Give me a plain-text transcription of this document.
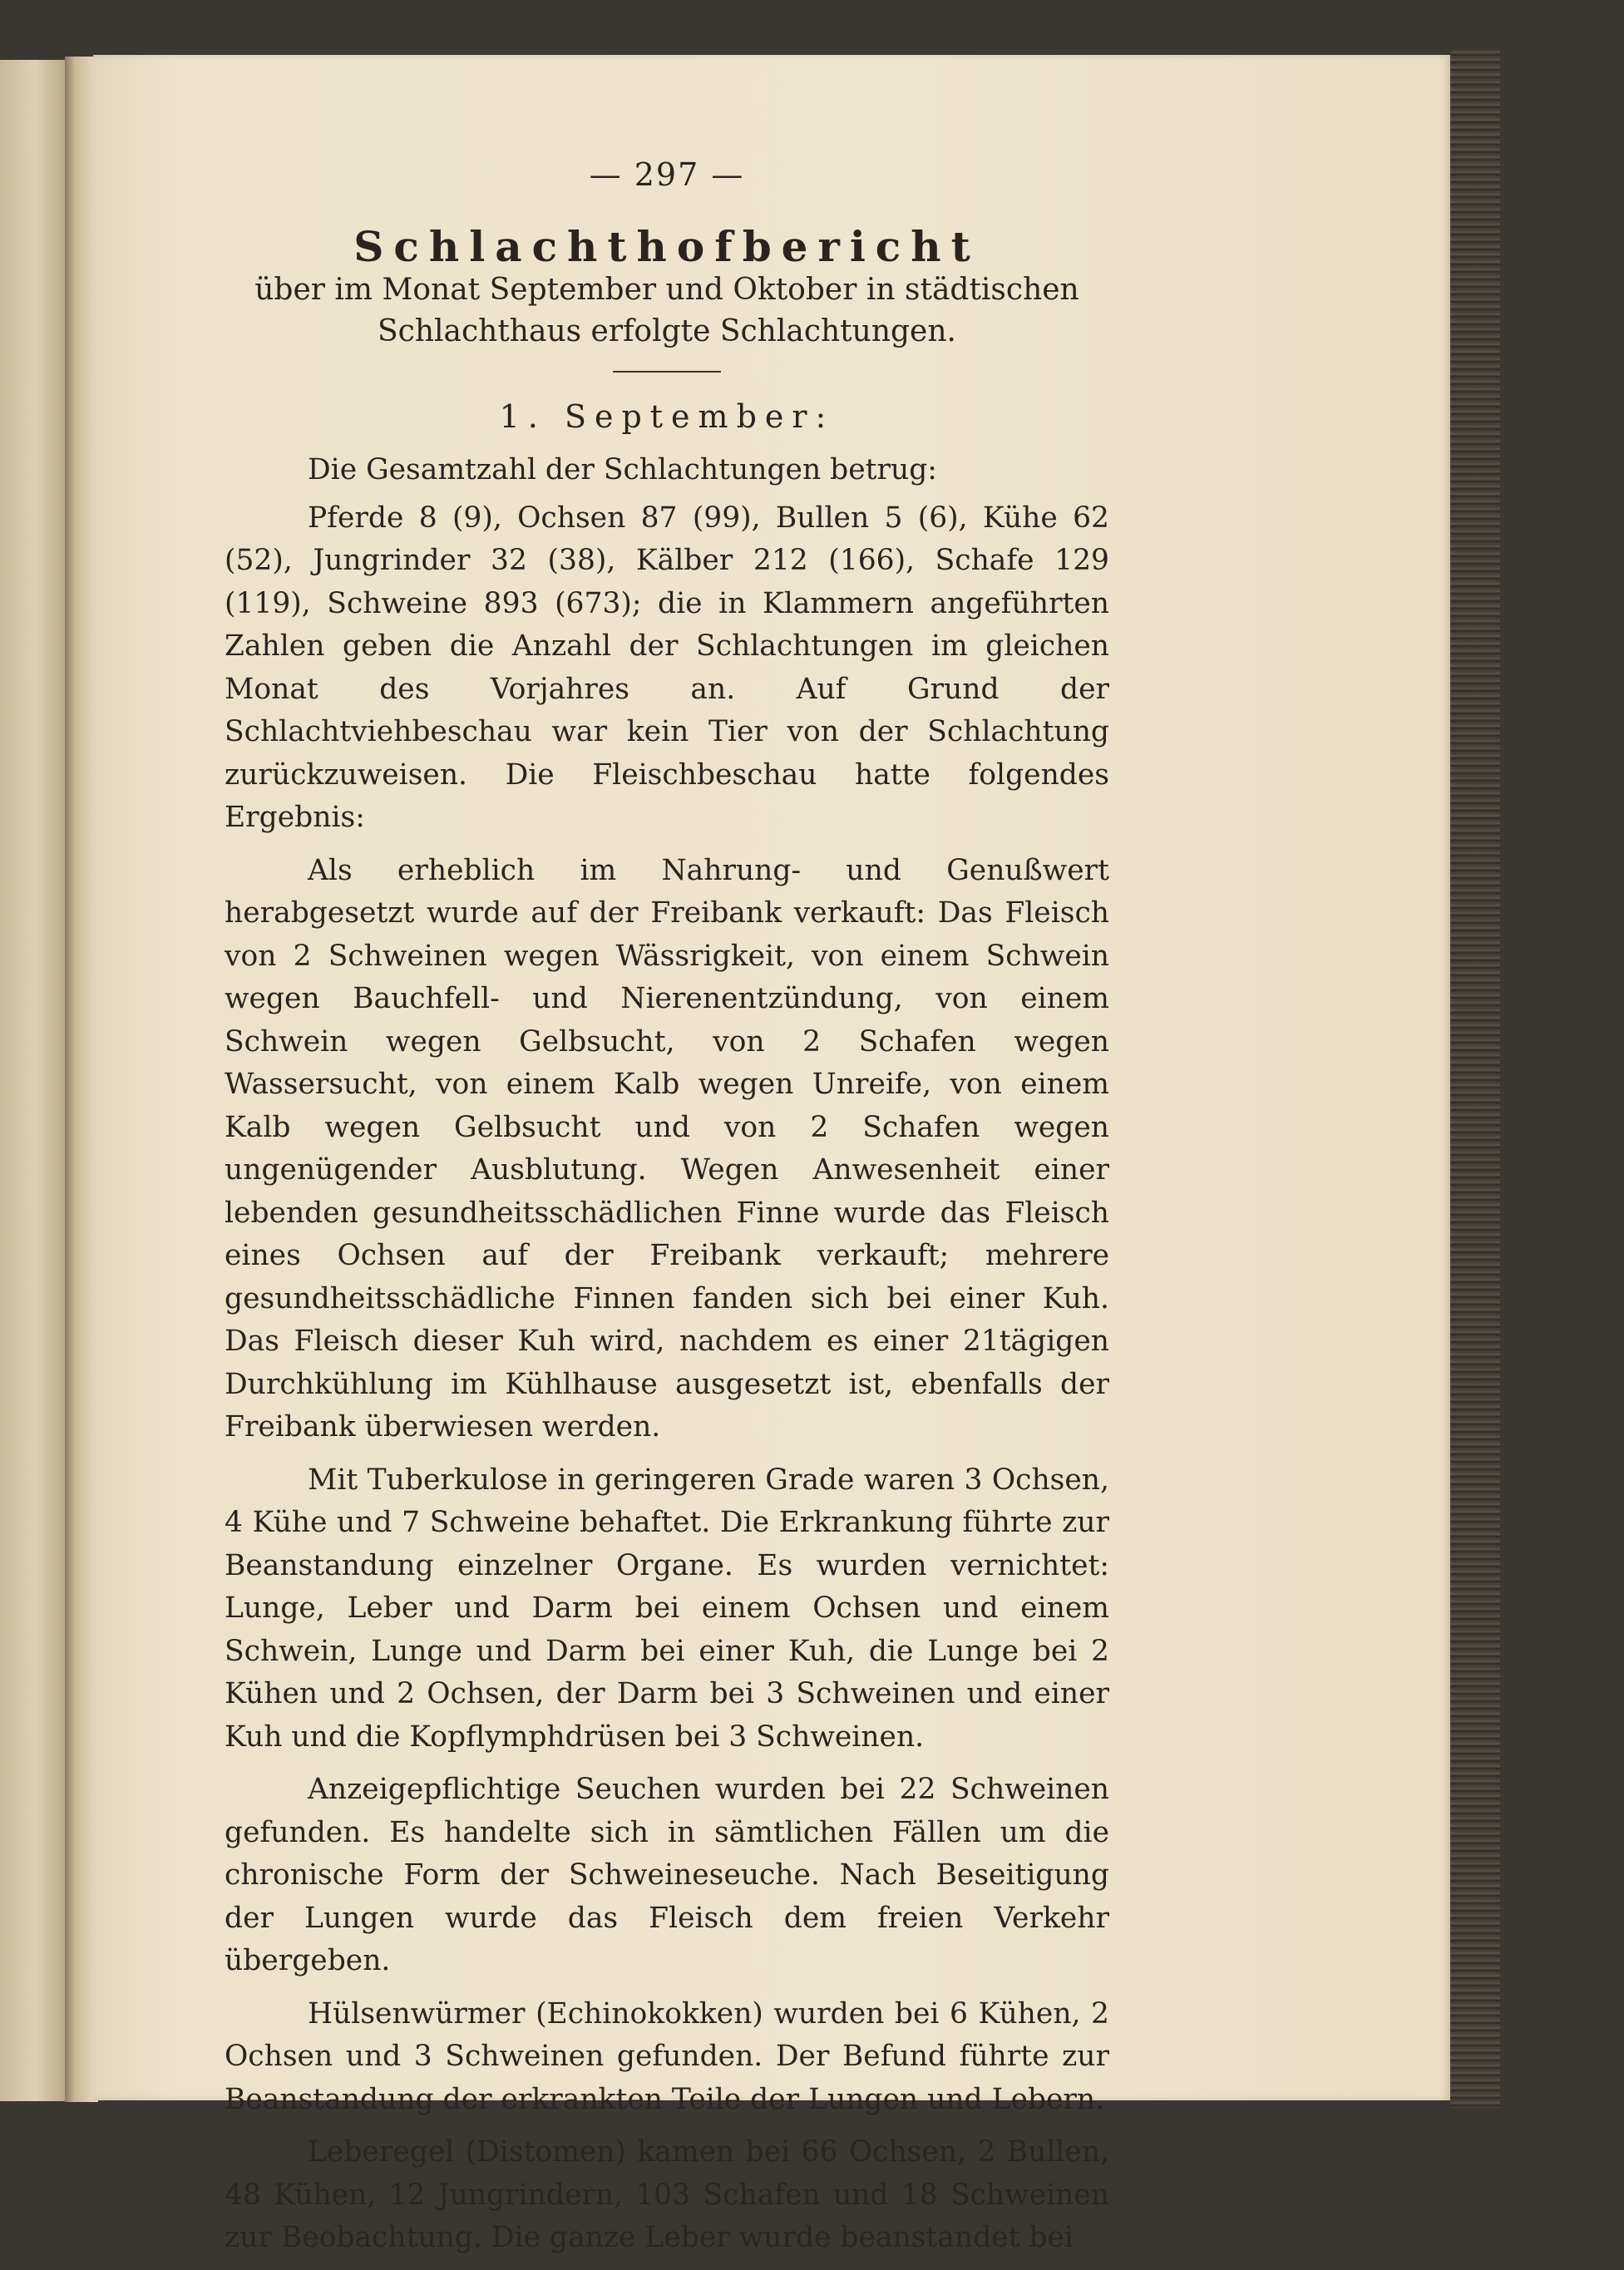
— 297 —
Schlachthofbericht
über im Monat September und Oktober in städtischen Schlachthaus erfolgte Schlachtungen.
1. September:

Die Gesamtzahl der Schlachtungen betrug:

Pferde 8 (9), Ochsen 87 (99), Bullen 5 (6), Kühe 62 (52), Jungrinder 32 (38), Kälber 212 (166), Schafe 129 (119), Schweine 893 (673); die in Klammern angeführten Zahlen geben die Anzahl der Schlachtungen im gleichen Monat des Vorjahres an. Auf Grund der Schlachtviehbeschau war kein Tier von der Schlachtung zurückzuweisen. Die Fleischbeschau hatte folgendes Ergebnis:

Als erheblich im Nahrung- und Genußwert herabgesetzt wurde auf der Freibank verkauft: Das Fleisch von 2 Schweinen wegen Wässrigkeit, von einem Schwein wegen Bauchfell- und Nierenentzündung, von einem Schwein wegen Gelbsucht, von 2 Schafen wegen Wassersucht, von einem Kalb wegen Unreife, von einem Kalb wegen Gelbsucht und von 2 Schafen wegen ungenügender Ausblutung. Wegen Anwesenheit einer lebenden gesundheitsschädlichen Finne wurde das Fleisch eines Ochsen auf der Freibank verkauft; mehrere gesundheitsschädliche Finnen fanden sich bei einer Kuh. Das Fleisch dieser Kuh wird, nachdem es einer 21tägigen Durchkühlung im Kühlhause ausgesetzt ist, ebenfalls der Freibank überwiesen werden.

Mit Tuberkulose in geringeren Grade waren 3 Ochsen, 4 Kühe und 7 Schweine behaftet. Die Erkrankung führte zur Beanstandung einzelner Organe. Es wurden vernichtet: Lunge, Leber und Darm bei einem Ochsen und einem Schwein, Lunge und Darm bei einer Kuh, die Lunge bei 2 Kühen und 2 Ochsen, der Darm bei 3 Schweinen und einer Kuh und die Kopflymphdrüsen bei 3 Schweinen.

Anzeigepflichtige Seuchen wurden bei 22 Schweinen gefunden. Es handelte sich in sämtlichen Fällen um die chronische Form der Schweineseuche. Nach Beseitigung der Lungen wurde das Fleisch dem freien Verkehr übergeben.

Hülsenwürmer (Echinokokken) wurden bei 6 Kühen, 2 Ochsen und 3 Schweinen gefunden. Der Befund führte zur Beanstandung der erkrankten Teile der Lungen und Lebern.

Leberegel (Distomen) kamen bei 66 Ochsen, 2 Bullen, 48 Kühen, 12 Jungrindern, 103 Schafen und 18 Schweinen zur Beobachtung. Die ganze Leber wurde beanstandet bei
